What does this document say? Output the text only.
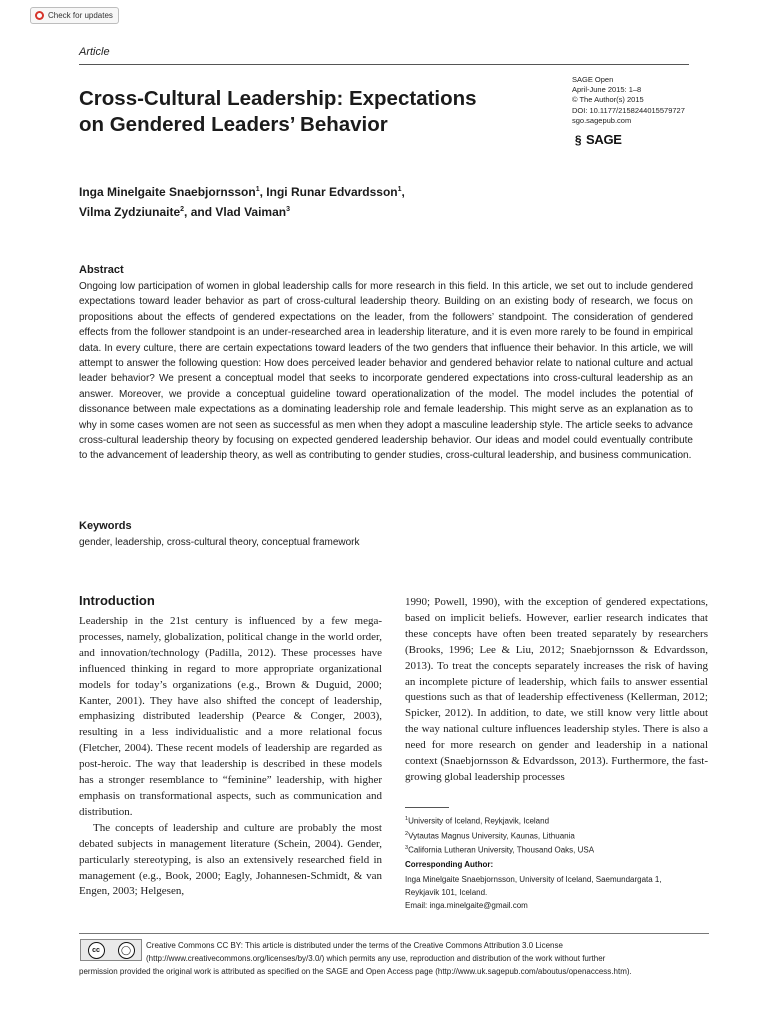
Check for updates
Article
Cross-Cultural Leadership: Expectations
on Gendered Leaders’ Behavior
SAGE Open
April-June 2015: 1–8
© The Author(s) 2015
DOI: 10.1177/2158244015579727
sgo.sagepub.com
§ SAGE
Inga Minelgaite Snaebjornsson$^1$, Ingi Runar Edvardsson$^1$,
Vilma Zydziunaite$^2$, and Vlad Vaiman$^3$
Abstract
Ongoing low participation of women in global leadership calls for more research in this field. In this article, we set out to include gendered expectations toward leader behavior as part of cross-cultural leadership theory. Building on an existing body of research, we focus on propositions about the effects of gendered expectations on the leader, from the followers’ standpoint. The consideration of gendered effects from the follower standpoint is an under-researched area in leadership literature, and it is even more rarely to be found in empirical data. In every culture, there are certain expectations toward leaders of the two genders that influence their behavior. In this article, we will attempt to answer the following question: How does perceived leader behavior and gendered behavior relate to national culture and actual leader behavior? We present a conceptual model that seeks to incorporate gendered expectations into cross-cultural leadership as an answer. Moreover, we provide a conceptual guideline toward operationalization of the model. The model includes the potential of dissonance between male expectations as a dominating leadership role and female leadership. This might serve as an explanation as to why in some cases women are not seen as successful as men when they adopt a masculine leadership style. The article seeks to advance cross-cultural leadership theory by focusing on expected gendered leadership behavior. Our ideas and model could eventually contribute to the advancement of leadership theory, as well as contributing to gender studies, cross-cultural leadership, and business communication.
Keywords
gender, leadership, cross-cultural theory, conceptual framework
Introduction

Leadership in the 21st century is influenced by a few mega-processes, namely, globalization, political change in the world order, and innovation/technology (Padilla, 2012). These processes have influenced thinking in regard to more appropriate organizational models for today’s organizations (e.g., Brown & Duguid, 2000; Kanter, 2001). They have also shifted the concept of leadership, emphasizing distributed leadership (Pearce & Conger, 2003), resulting in a less individualistic and a more relational focus (Fletcher, 2004). These recent models of leadership are regarded as post-heroic. The way that leadership is described in these models has a stronger resemblance to “feminine” leadership, with higher emphasis on transformational aspects, such as communication and distribution.

The concepts of leadership and culture are probably the most debated subjects in management literature (Schein, 2004). Gender, particularly stereotyping, is also an extensively researched field in management (e.g., Book, 2000; Eagly, Johannesen-Schmidt, & van Engen, 2003; Helgesen,

1990; Powell, 1990), with the exception of gendered expectations, based on implicit beliefs. However, earlier research indicates that these concepts have often been treated separately by researchers (Brooks, 1996; Lee & Liu, 2012; Snaebjornsson & Edvardsson, 2013). To treat the concepts separately increases the risk of having an incomplete picture of leadership, which fails to answer essential questions such as that of leadership effectiveness (Kellerman, 2012; Spicker, 2012). In addition, to date, we still know very little about the way national culture influences leadership styles. There is also a need for more research on gender and leadership in a national context (Snaebjornsson & Edvardsson, 2013). Furthermore, the fast-growing global leadership processes

$^1$University of Iceland, Reykjavik, Iceland
$^2$Vytautas Magnus University, Kaunas, Lithuania
$^3$California Lutheran University, Thousand Oaks, USA
Corresponding Author:
Inga Minelgaite Snaebjornsson, University of Iceland, Saemundargata 1,
Reykjavik 101, Iceland.
Email: inga.minelgaite@gmail.com
cc	◯	Creative Commons CC BY: This article is distributed under the terms of the Creative Commons Attribution 3.0 License
(http://www.creativecommons.org/licenses/by/3.0/) which permits any use, reproduction and distribution of the work without further
permission provided the original work is attributed as specified on the SAGE and Open Access page (http://www.uk.sagepub.com/aboutus/openaccess.htm).
